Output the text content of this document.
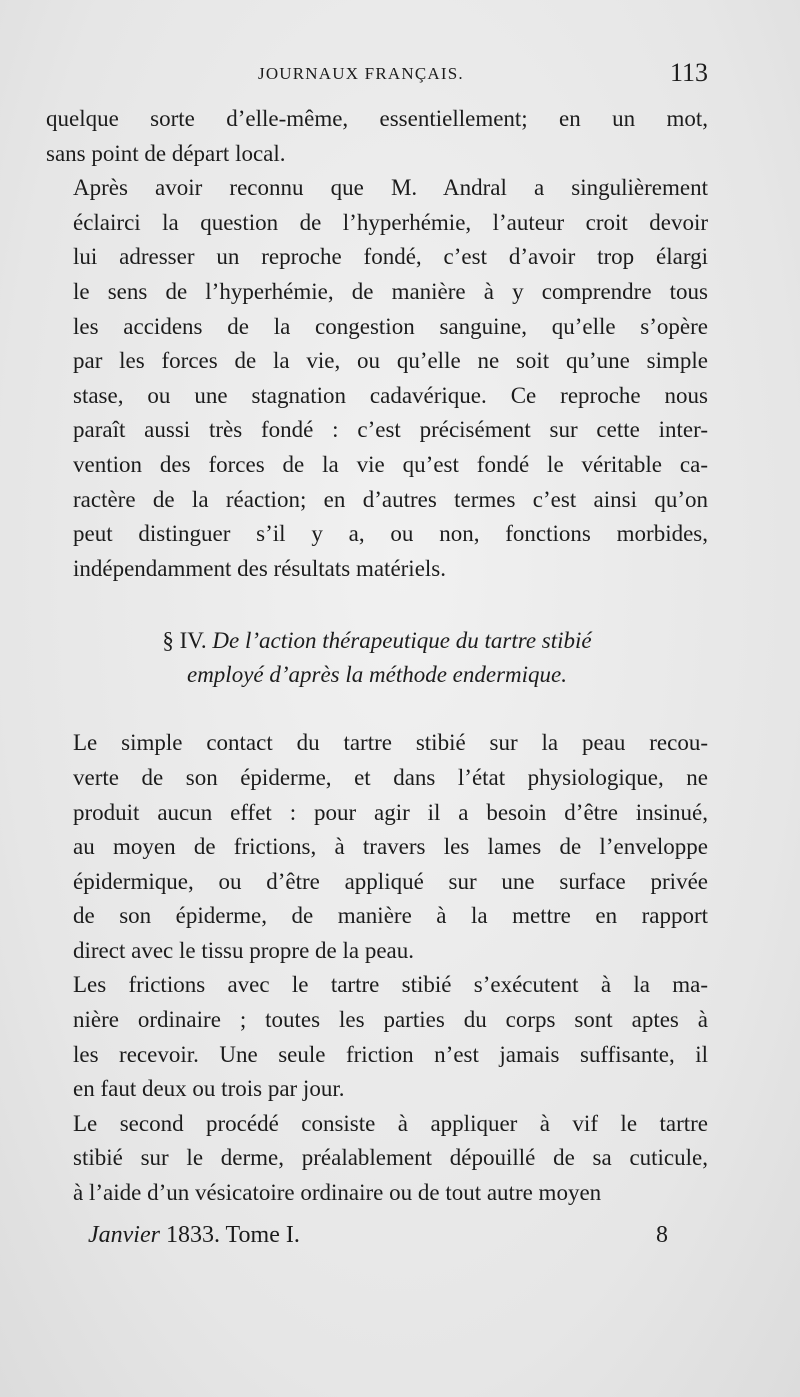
JOURNAUX FRANÇAIS.	113

quelque sorte d’elle-même, essentiellement; en un mot,
sans point de départ local.

Après avoir reconnu que M. Andral a singulièrement
éclairci la question de l’hyperhémie, l’auteur croit devoir
lui adresser un reproche fondé, c’est d’avoir trop élargi
le sens de l’hyperhémie, de manière à y comprendre tous
les accidens de la congestion sanguine, qu’elle s’opère
par les forces de la vie, ou qu’elle ne soit qu’une simple
stase, ou une stagnation cadavérique. Ce reproche nous
paraît aussi très fondé : c’est précisément sur cette inter-
vention des forces de la vie qu’est fondé le véritable ca-
ractère de la réaction; en d’autres termes c’est ainsi qu’on
peut distinguer s’il y a, ou non, fonctions morbides,
indépendamment des résultats matériels.

§ IV. De l’action thérapeutique du tartre stibié
employé d’après la méthode endermique.

Le simple contact du tartre stibié sur la peau recou-
verte de son épiderme, et dans l’état physiologique, ne
produit aucun effet : pour agir il a besoin d’être insinué,
au moyen de frictions, à travers les lames de l’enveloppe
épidermique, ou d’être appliqué sur une surface privée
de son épiderme, de manière à la mettre en rapport
direct avec le tissu propre de la peau.

Les frictions avec le tartre stibié s’exécutent à la ma-
nière ordinaire ; toutes les parties du corps sont aptes à
les recevoir. Une seule friction n’est jamais suffisante, il
en faut deux ou trois par jour.

Le second procédé consiste à appliquer à vif le tartre
stibié sur le derme, préalablement dépouillé de sa cuticule,
à l’aide d’un vésicatoire ordinaire ou de tout autre moyen

Janvier 1833. Tome I.	8
